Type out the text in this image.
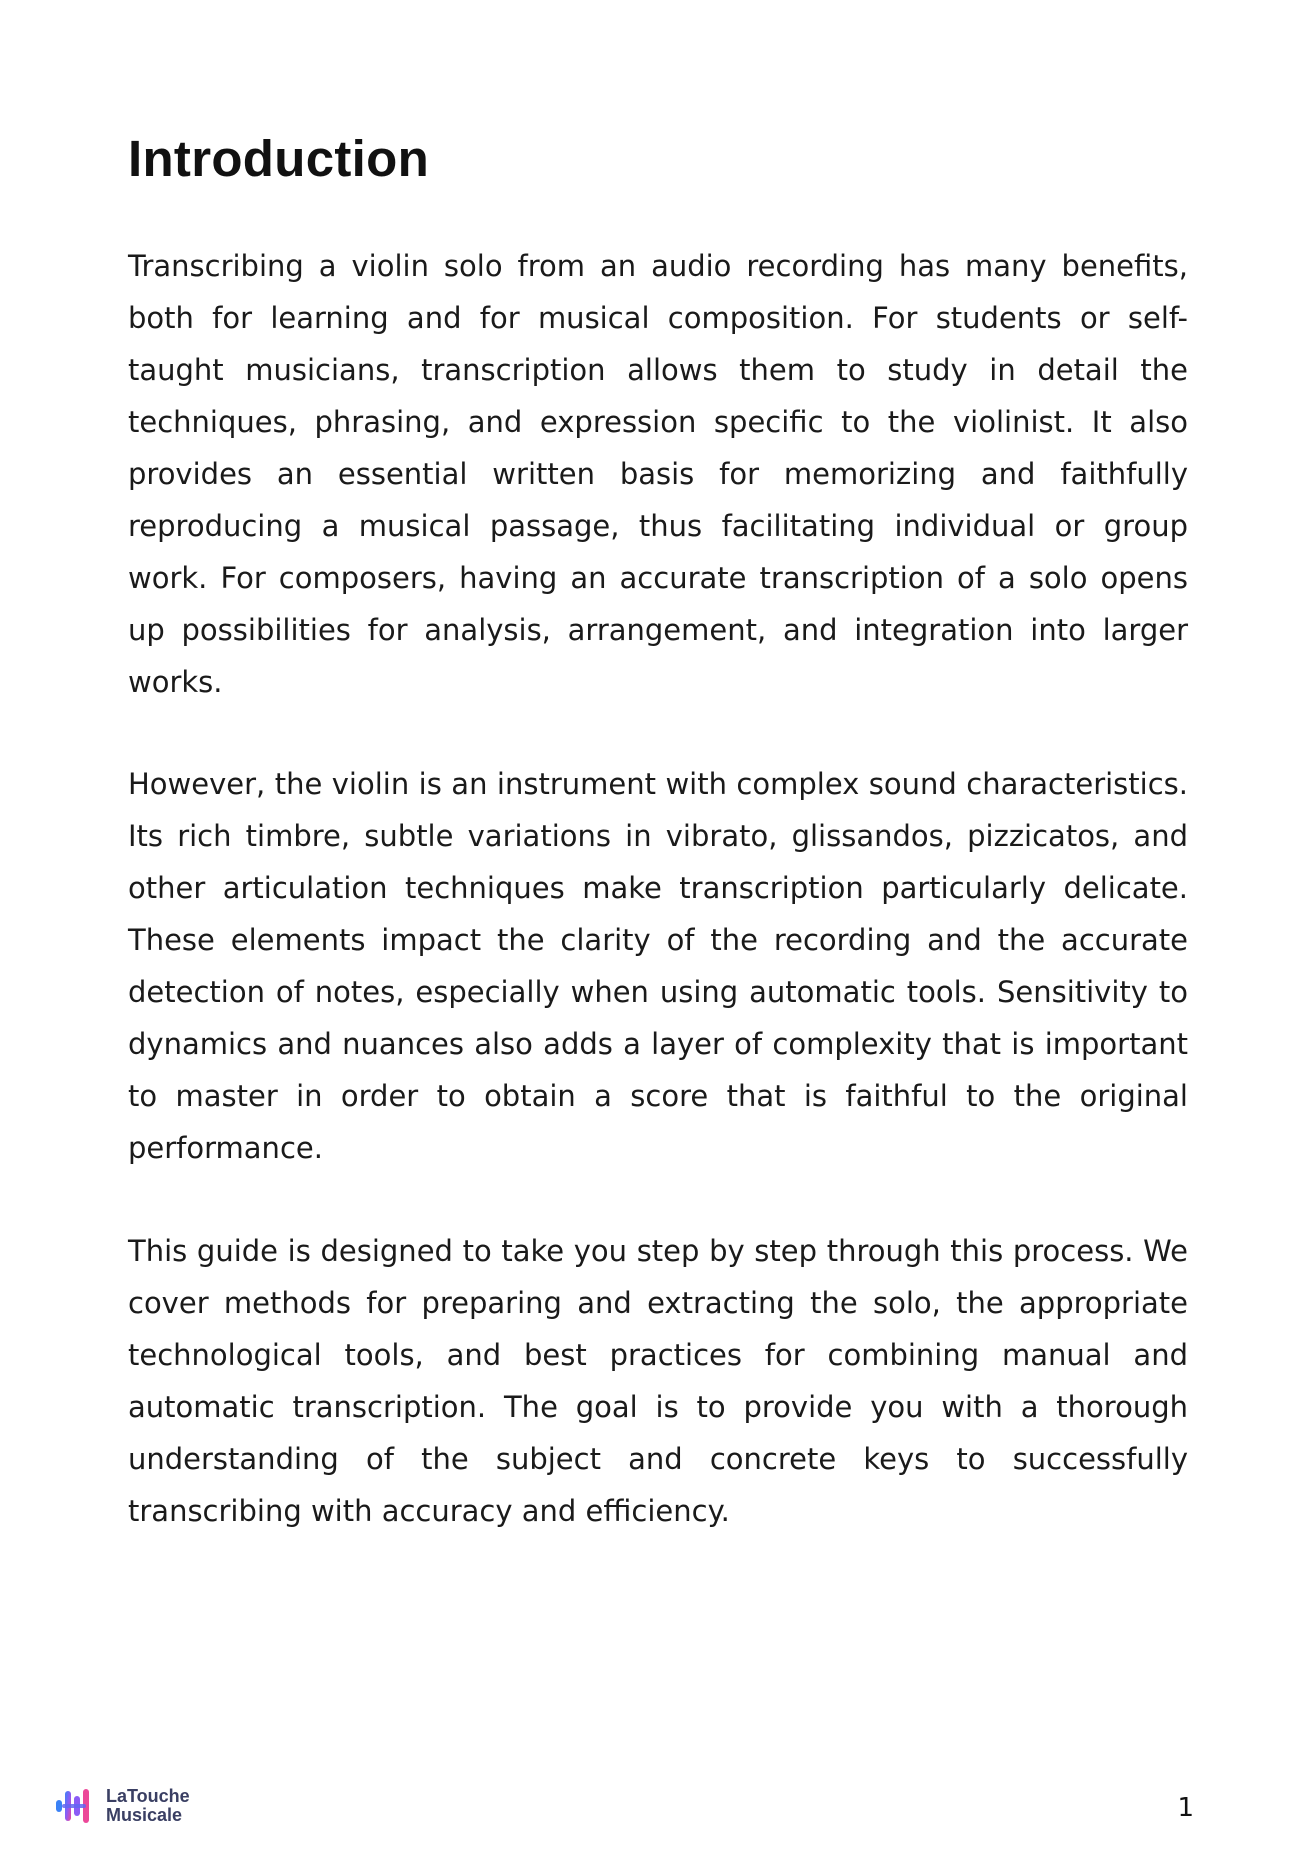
Introduction

Transcribing a violin solo from an audio recording has many benefits, both for learning and for musical composition. For students or self-taught musicians, transcription allows them to study in detail the techniques, phrasing, and expression specific to the violinist. It also provides an essential written basis for memorizing and faithfully reproducing a musical passage, thus facilitating individual or group work. For composers, having an accurate transcription of a solo opens up possibilities for analysis, arrangement, and integration into larger works.

However, the violin is an instrument with complex sound characteristics. Its rich timbre, subtle variations in vibrato, glissandos, pizzicatos, and other articulation techniques make transcription particularly delicate. These elements impact the clarity of the recording and the accurate detection of notes, especially when using automatic tools. Sensitivity to dynamics and nuances also adds a layer of complexity that is important to master in order to obtain a score that is faithful to the original performance.

This guide is designed to take you step by step through this process. We cover methods for preparing and extracting the solo, the appropriate technological tools, and best practices for combining manual and automatic transcription. The goal is to provide you with a thorough understanding of the subject and concrete keys to successfully transcribing with accuracy and efficiency.

LaTouche
Musicale	1
